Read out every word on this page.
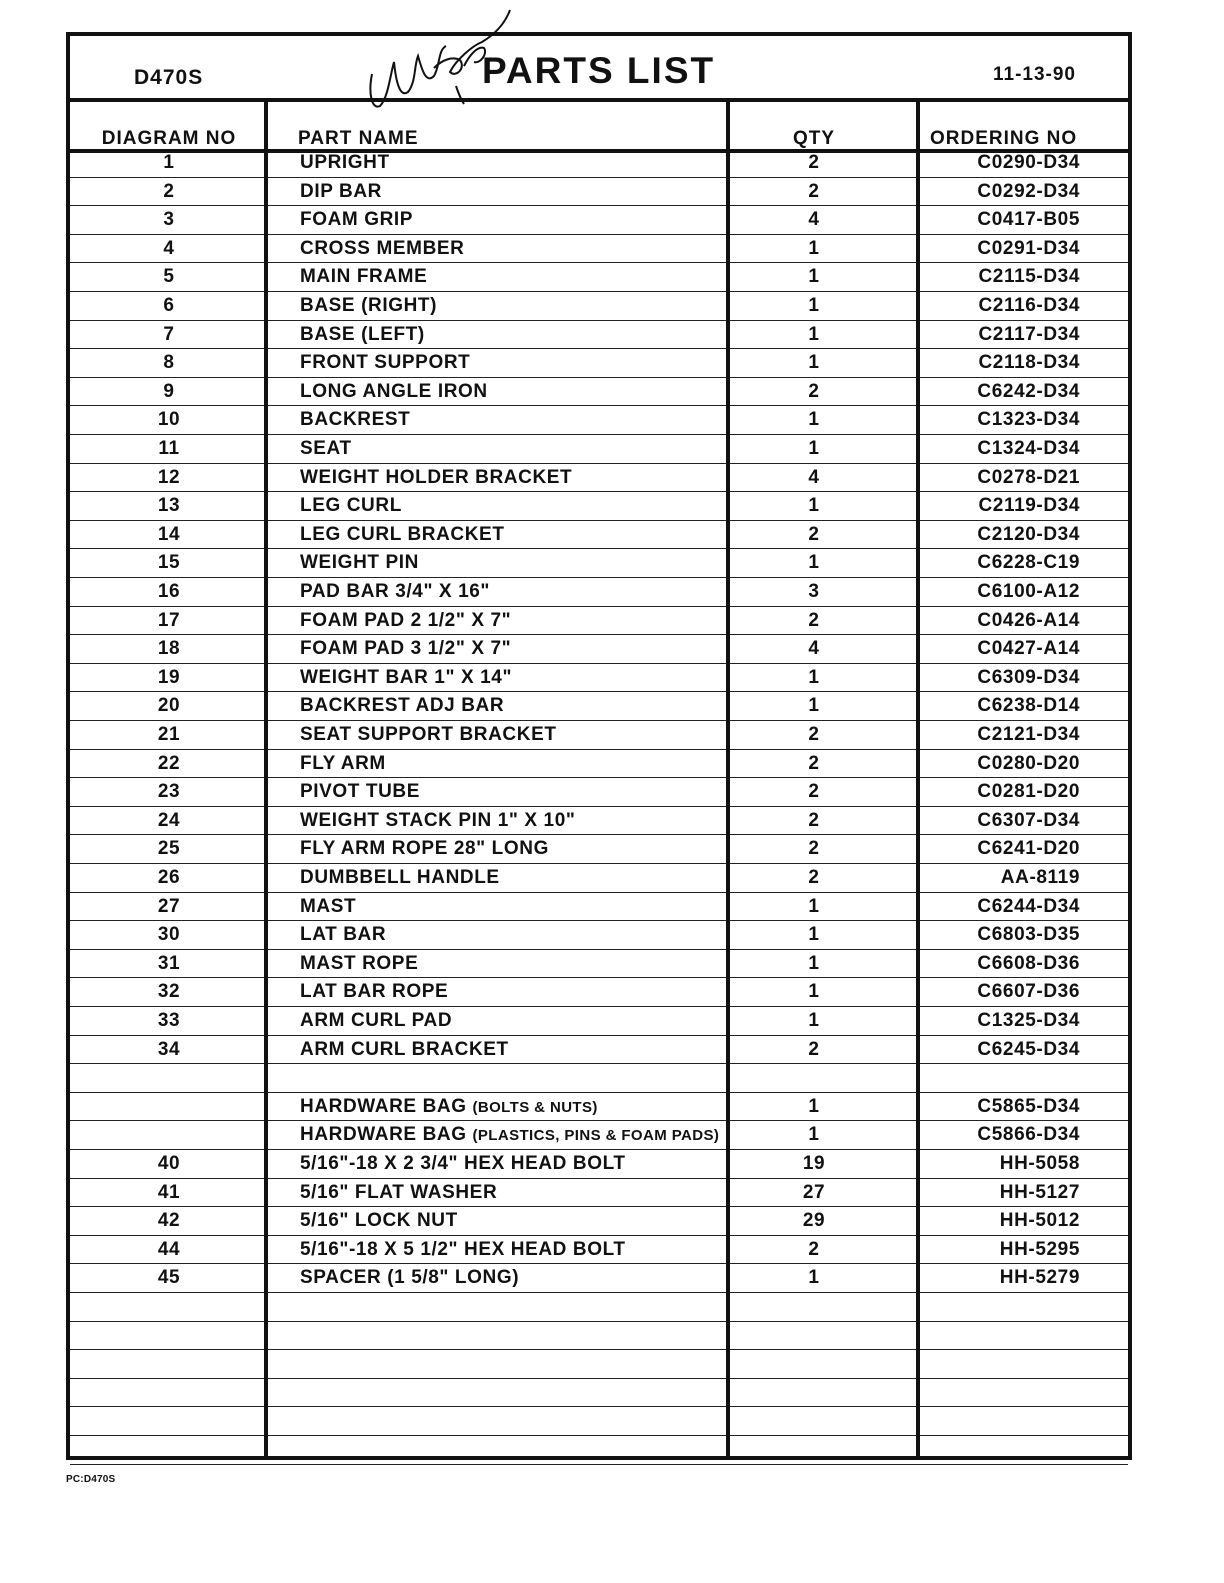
D470S	PARTS LIST	11-13-90
DIAGRAM NO	PART NAME	QTY	ORDERING NO
1	UPRIGHT	2	C0290-D34
2	DIP BAR	2	C0292-D34
3	FOAM GRIP	4	C0417-B05
4	CROSS MEMBER	1	C0291-D34
5	MAIN FRAME	1	C2115-D34
6	BASE (RIGHT)	1	C2116-D34
7	BASE (LEFT)	1	C2117-D34
8	FRONT SUPPORT	1	C2118-D34
9	LONG ANGLE IRON	2	C6242-D34
10	BACKREST	1	C1323-D34
11	SEAT	1	C1324-D34
12	WEIGHT HOLDER BRACKET	4	C0278-D21
13	LEG CURL	1	C2119-D34
14	LEG CURL BRACKET	2	C2120-D34
15	WEIGHT PIN	1	C6228-C19
16	PAD BAR 3/4" X 16"	3	C6100-A12
17	FOAM PAD 2 1/2" X 7"	2	C0426-A14
18	FOAM PAD 3 1/2" X 7"	4	C0427-A14
19	WEIGHT BAR 1" X 14"	1	C6309-D34
20	BACKREST ADJ BAR	1	C6238-D14
21	SEAT SUPPORT BRACKET	2	C2121-D34
22	FLY ARM	2	C0280-D20
23	PIVOT TUBE	2	C0281-D20
24	WEIGHT STACK PIN 1" X 10"	2	C6307-D34
25	FLY ARM ROPE 28" LONG	2	C6241-D20
26	DUMBBELL HANDLE	2	AA-8119
27	MAST	1	C6244-D34
30	LAT BAR	1	C6803-D35
31	MAST ROPE	1	C6608-D36
32	LAT BAR ROPE	1	C6607-D36
33	ARM CURL PAD	1	C1325-D34
34	ARM CURL BRACKET	2	C6245-D34
HARDWARE BAG (BOLTS & NUTS)	1	C5865-D34
HARDWARE BAG (PLASTICS, PINS & FOAM PADS)	1	C5866-D34
40	5/16"-18 X 2 3/4" HEX HEAD BOLT	19	HH-5058
41	5/16" FLAT WASHER	27	HH-5127
42	5/16" LOCK NUT	29	HH-5012
44	5/16"-18 X 5 1/2" HEX HEAD BOLT	2	HH-5295
45	SPACER (1 5/8" LONG)	1	HH-5279
PC:D470S
